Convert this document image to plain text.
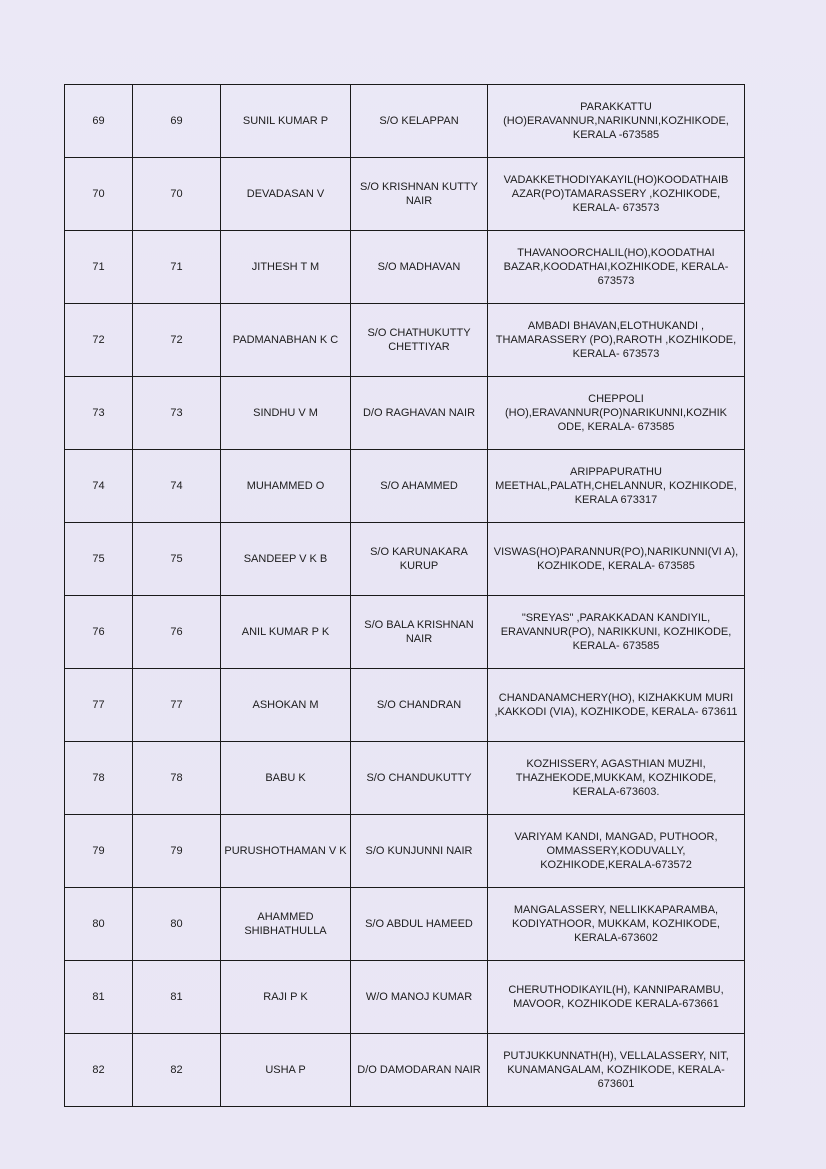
69	69	SUNIL KUMAR P	S/O KELAPPAN	PARAKKATTU (HO)ERAVANNUR,NARIKUNNI,KOZHIKODE, KERALA -673585
70	70	DEVADASAN V	S/O KRISHNAN KUTTY NAIR	VADAKKETHODIYAKAYIL(HO)KOODATHAIB AZAR(PO)TAMARASSERY ,KOZHIKODE, KERALA- 673573
71	71	JITHESH T M	S/O MADHAVAN	THAVANOORCHALIL(HO),KOODATHAI BAZAR,KOODATHAI,KOZHIKODE, KERALA- 673573
72	72	PADMANABHAN K C	S/O CHATHUKUTTY CHETTIYAR	AMBADI BHAVAN,ELOTHUKANDI , THAMARASSERY (PO),RAROTH ,KOZHIKODE, KERALA- 673573
73	73	SINDHU V M	D/O RAGHAVAN NAIR	CHEPPOLI (HO),ERAVANNUR(PO)NARIKUNNI,KOZHIK ODE, KERALA- 673585
74	74	MUHAMMED O	S/O AHAMMED	ARIPPAPURATHU MEETHAL,PALATH,CHELANNUR, KOZHIKODE, KERALA 673317
75	75	SANDEEP V K B	S/O KARUNAKARA KURUP	VISWAS(HO)PARANNUR(PO),NARIKUNNI(VI A), KOZHIKODE, KERALA- 673585
76	76	ANIL KUMAR P K	S/O BALA KRISHNAN NAIR	"SREYAS" ,PARAKKADAN KANDIYIL, ERAVANNUR(PO), NARIKKUNI, KOZHIKODE, KERALA- 673585
77	77	ASHOKAN M	S/O CHANDRAN	CHANDANAMCHERY(HO), KIZHAKKUM MURI ,KAKKODI (VIA), KOZHIKODE, KERALA- 673611
78	78	BABU K	S/O CHANDUKUTTY	KOZHISSERY, AGASTHIAN MUZHI, THAZHEKODE,MUKKAM, KOZHIKODE, KERALA-673603.
79	79	PURUSHOTHAMAN V K	S/O KUNJUNNI NAIR	VARIYAM KANDI, MANGAD, PUTHOOR, OMMASSERY,KODUVALLY, KOZHIKODE,KERALA-673572
80	80	AHAMMED SHIBHATHULLA	S/O ABDUL HAMEED	MANGALASSERY, NELLIKKAPARAMBA, KODIYATHOOR, MUKKAM, KOZHIKODE, KERALA-673602
81	81	RAJI P K	W/O MANOJ KUMAR	CHERUTHODIKAYIL(H), KANNIPARAMBU, MAVOOR, KOZHIKODE KERALA-673661
82	82	USHA P	D/O DAMODARAN NAIR	PUTJUKKUNNATH(H), VELLALASSERY, NIT, KUNAMANGALAM, KOZHIKODE, KERALA- 673601
